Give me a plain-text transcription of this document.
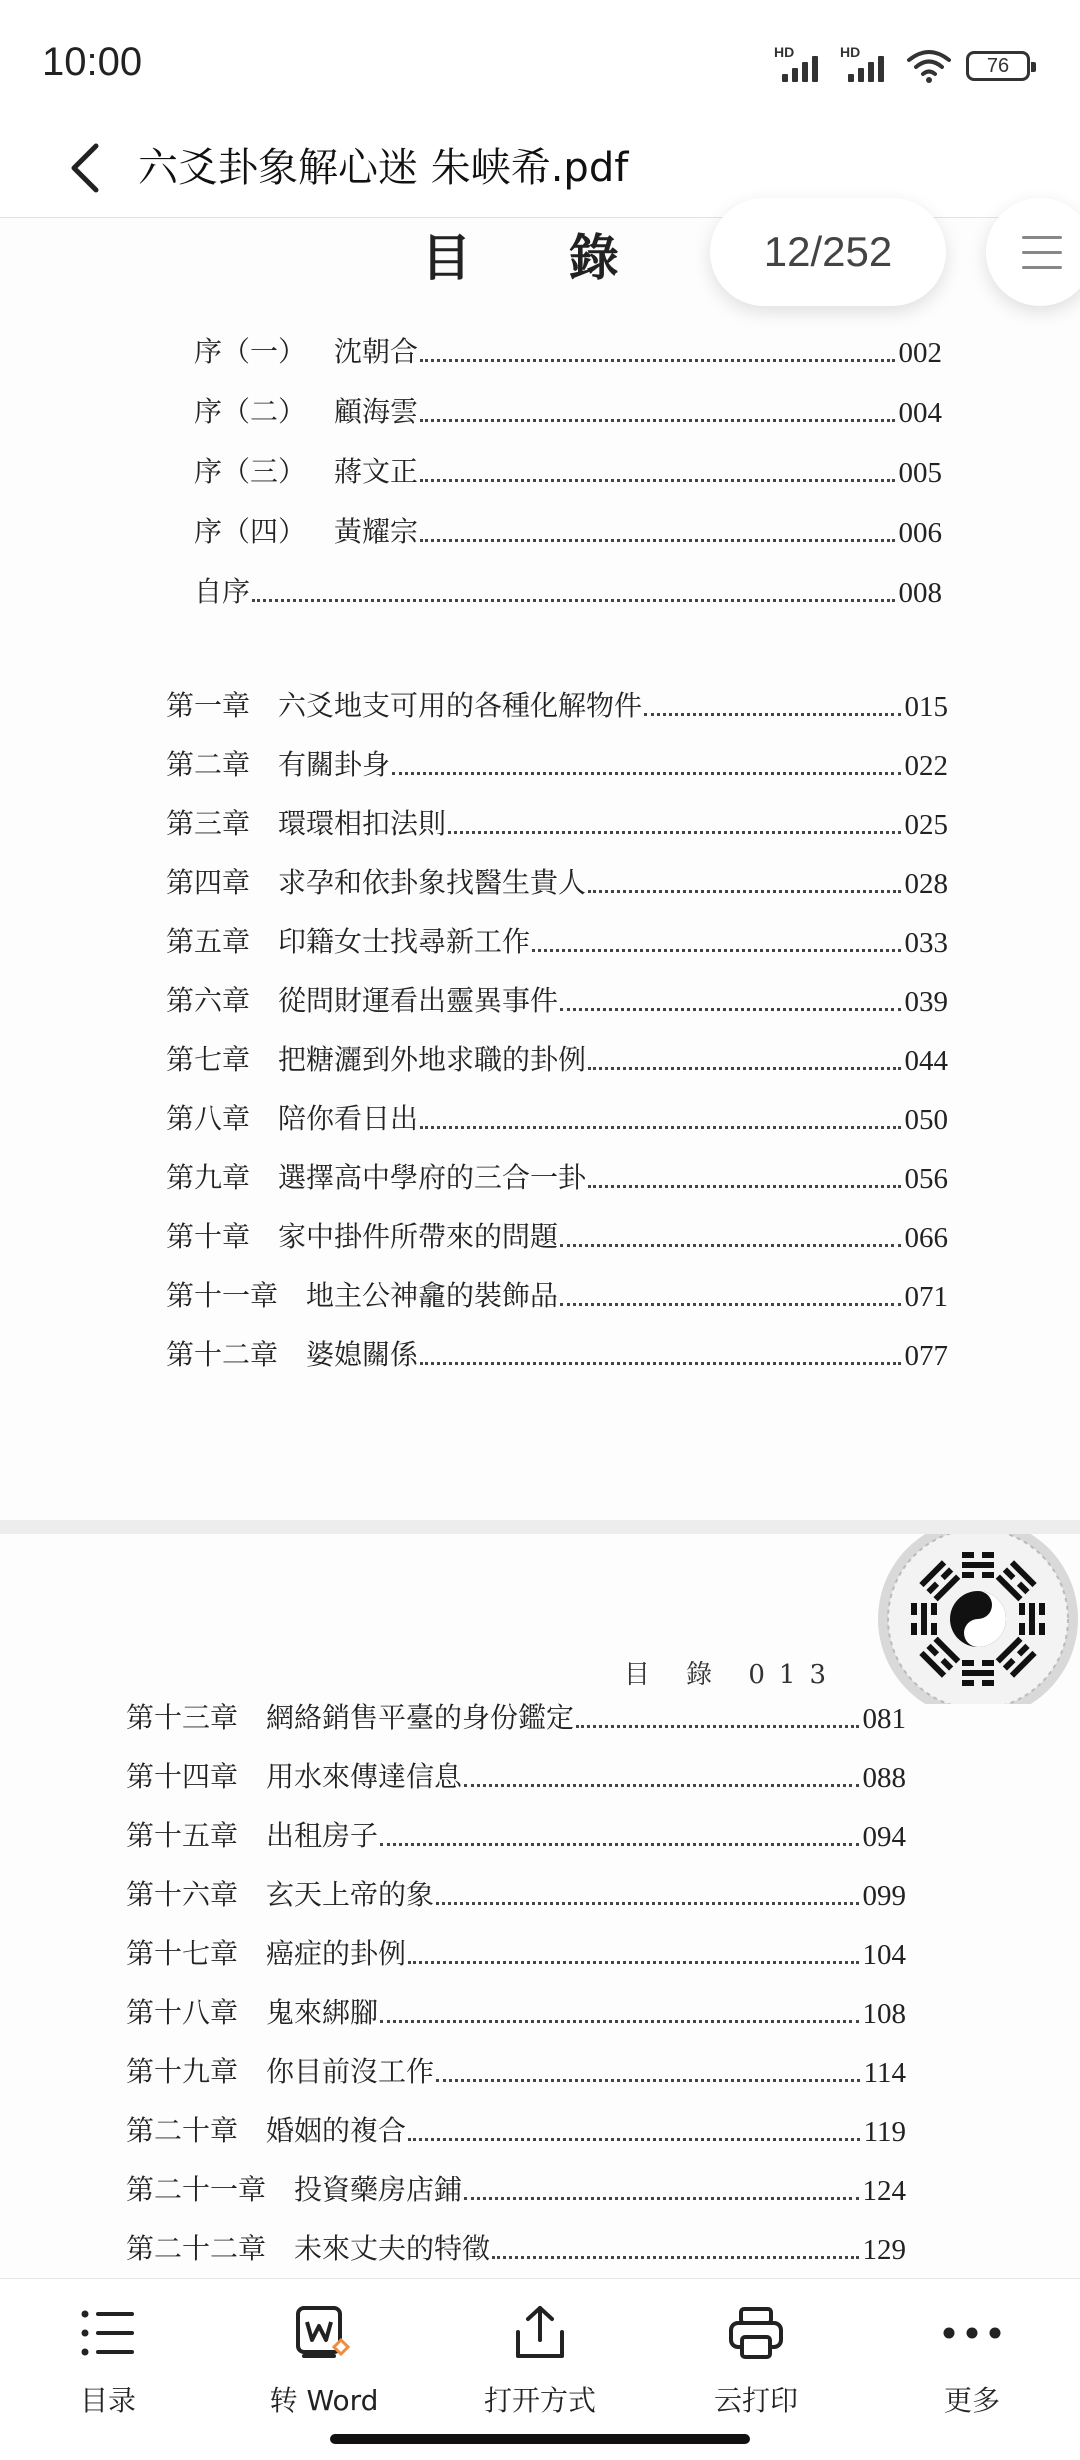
10:00	HD	HD
76
六爻卦象解心迷 朱峡希.pdf
目 錄
序（一） 沈朝合	002
序（二） 顧海雲	004
序（三） 蔣文正	005
序（四） 黃耀宗	006
自序	008
第一章 六爻地支可用的各種化解物件	015
第二章 有關卦身	022
第三章 環環相扣法則	025
第四章 求孕和依卦象找醫生貴人	028
第五章 印籍女士找尋新工作	033
第六章 從問財運看出靈異事件	039
第七章 把糖灑到外地求職的卦例	044
第八章 陪你看日出	050
第九章 選擇高中學府的三合一卦	056
第十章 家中掛件所帶來的問題	066
第十一章 地主公神龕的裝飾品	071
第十二章 婆媳關係	077
目 錄 013
第十三章 網絡銷售平臺的身份鑑定	081
第十四章 用水來傳達信息	088
第十五章 出租房子	094
第十六章 玄天上帝的象	099
第十七章 癌症的卦例	104
第十八章 鬼來綁腳	108
第十九章 你目前沒工作	114
第二十章 婚姻的複合	119
第二十一章 投資藥房店鋪	124
第二十二章 未來丈夫的特徵	129
12/252
目录	转 Word	打开方式	云打印	更多
